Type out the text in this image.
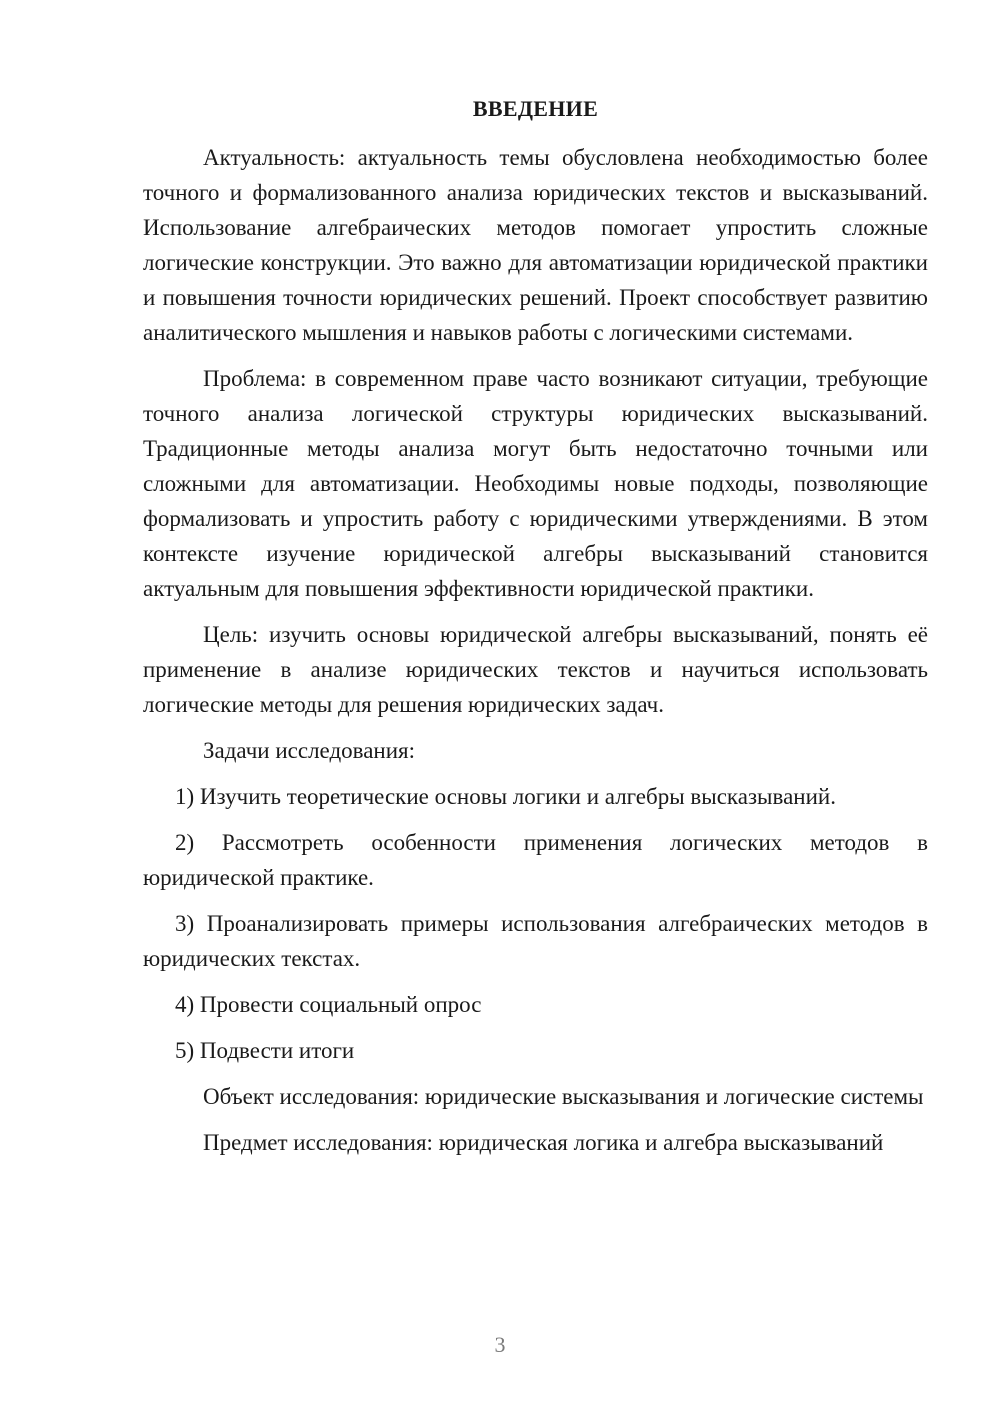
ВВЕДЕНИЕ

Актуальность: актуальность темы обусловлена необходимостью более точного и формализованного анализа юридических текстов и высказываний. Использование алгебраических методов помогает упростить сложные логические конструкции. Это важно для автоматизации юридической практики и повышения точности юридических решений. Проект способствует развитию аналитического мышления и навыков работы с логическими системами.

Проблема: в современном праве часто возникают ситуации, требующие точного анализа логической структуры юридических высказываний. Традиционные методы анализа могут быть недостаточно точными или сложными для автоматизации. Необходимы новые подходы, позволяющие формализовать и упростить работу с юридическими утверждениями. В этом контексте изучение юридической алгебры высказываний становится актуальным для повышения эффективности юридической практики.

Цель: изучить основы юридической алгебры высказываний, понять её применение в анализе юридических текстов и научиться использовать логические методы для решения юридических задач.

Задачи исследования:

1) Изучить теоретические основы логики и алгебры высказываний.

2) Рассмотреть особенности применения логических методов в юридической практике.

3) Проанализировать примеры использования алгебраических методов в юридических текстах.

4) Провести социальный опрос

5) Подвести итоги

Объект исследования: юридические высказывания и логические системы

Предмет исследования: юридическая логика и алгебра высказываний

3
